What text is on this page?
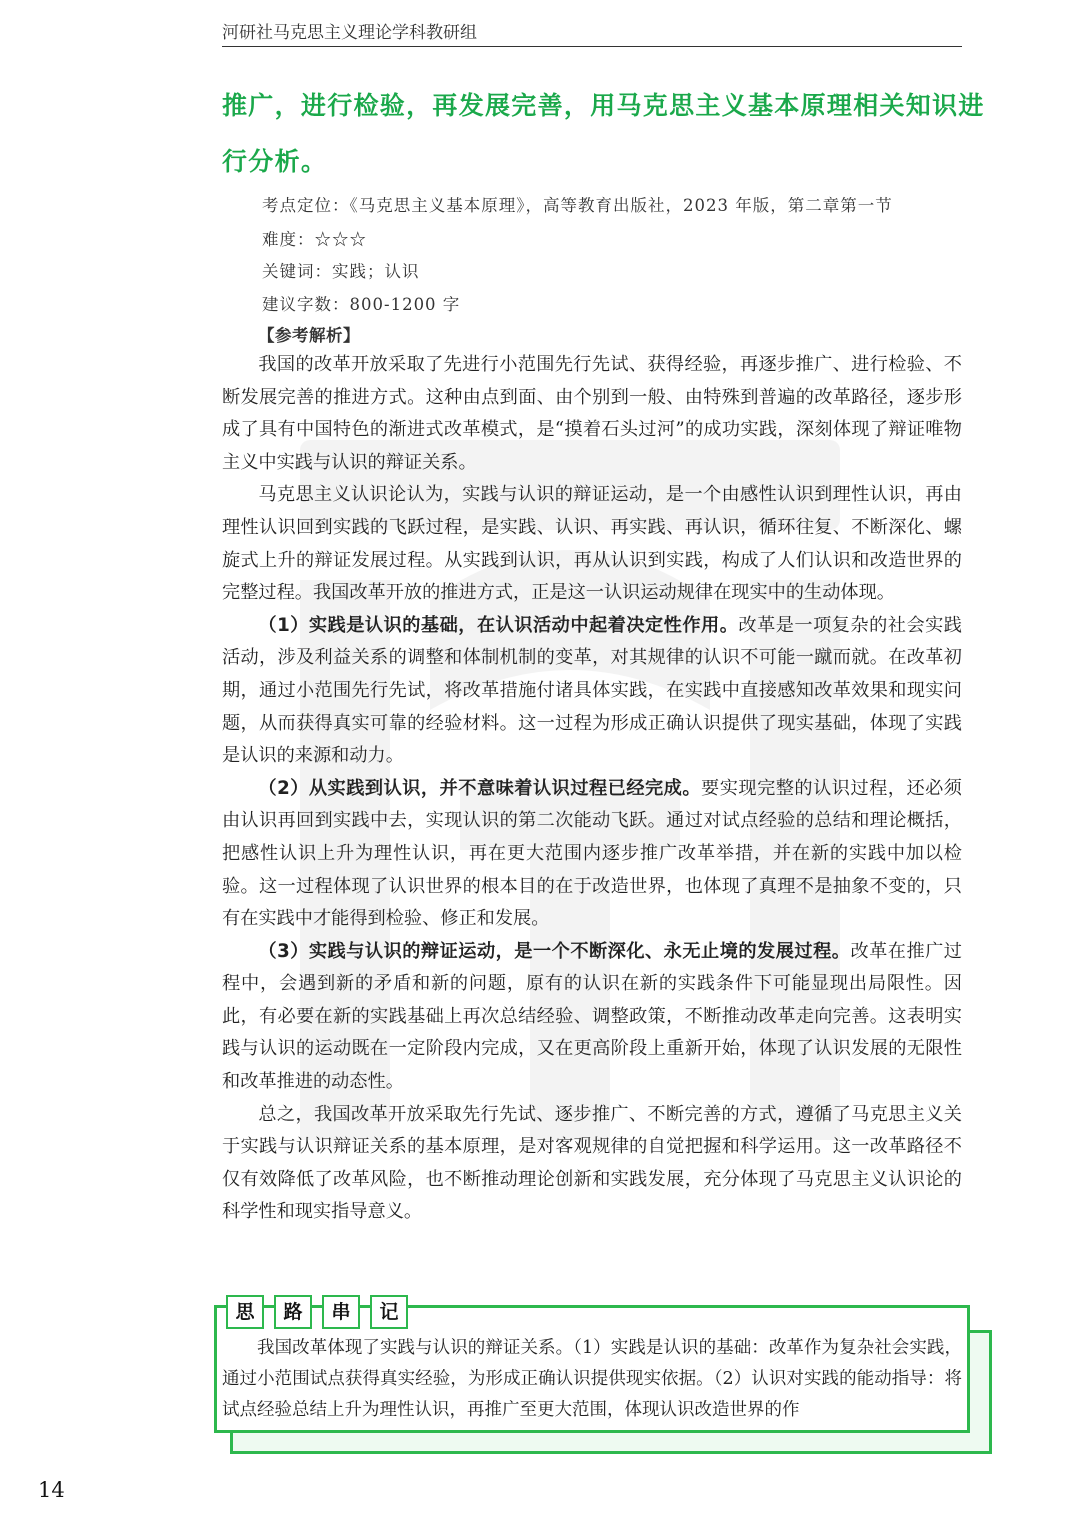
河研社马克思主义理论学科教研组
推广，进行检验，再发展完善，用马克思主义基本原理相关知识进
行分析。
考点定位：《马克思主义基本原理》，高等教育出版社，2023 年版，第二章第一节
难度：☆☆☆
关键词：实践；认识
建议字数：800-1200 字
【参考解析】

我国的改革开放采取了先进行小范围先行先试、获得经验，再逐步推广、进行检验、不断发展完善的推进方式。这种由点到面、由个别到一般、由特殊到普遍的改革路径，逐步形成了具有中国特色的渐进式改革模式，是“摸着石头过河”的成功实践，深刻体现了辩证唯物主义中实践与认识的辩证关系。

马克思主义认识论认为，实践与认识的辩证运动，是一个由感性认识到理性认识，再由理性认识回到实践的飞跃过程，是实践、认识、再实践、再认识，循环往复、不断深化、螺旋式上升的辩证发展过程。从实践到认识，再从认识到实践，构成了人们认识和改造世界的完整过程。我国改革开放的推进方式，正是这一认识运动规律在现实中的生动体现。

（1）实践是认识的基础，在认识活动中起着决定性作用。改革是一项复杂的社会实践活动，涉及利益关系的调整和体制机制的变革，对其规律的认识不可能一蹴而就。在改革初期，通过小范围先行先试，将改革措施付诸具体实践，在实践中直接感知改革效果和现实问题，从而获得真实可靠的经验材料。这一过程为形成正确认识提供了现实基础，体现了实践是认识的来源和动力。

（2）从实践到认识，并不意味着认识过程已经完成。要实现完整的认识过程，还必须由认识再回到实践中去，实现认识的第二次能动飞跃。通过对试点经验的总结和理论概括，把感性认识上升为理性认识，再在更大范围内逐步推广改革举措，并在新的实践中加以检验。这一过程体现了认识世界的根本目的在于改造世界，也体现了真理不是抽象不变的，只有在实践中才能得到检验、修正和发展。

（3）实践与认识的辩证运动，是一个不断深化、永无止境的发展过程。改革在推广过程中，会遇到新的矛盾和新的问题，原有的认识在新的实践条件下可能显现出局限性。因此，有必要在新的实践基础上再次总结经验、调整政策，不断推动改革走向完善。这表明实践与认识的运动既在一定阶段内完成，又在更高阶段上重新开始，体现了认识发展的无限性和改革推进的动态性。

总之，我国改革开放采取先行先试、逐步推广、不断完善的方式，遵循了马克思主义关于实践与认识辩证关系的基本原理，是对客观规律的自觉把握和科学运用。这一改革路径不仅有效降低了改革风险，也不断推动理论创新和实践发展，充分体现了马克思主义认识论的科学性和现实指导意义。

思	路	串	记

我国改革体现了实践与认识的辩证关系。（1）实践是认识的基础：改革作为复杂社会实践，通过小范围试点获得真实经验，为形成正确认识提供现实依据。（2）认识对实践的能动指导：将试点经验总结上升为理性认识，再推广至更大范围，体现认识改造世界的作

14
